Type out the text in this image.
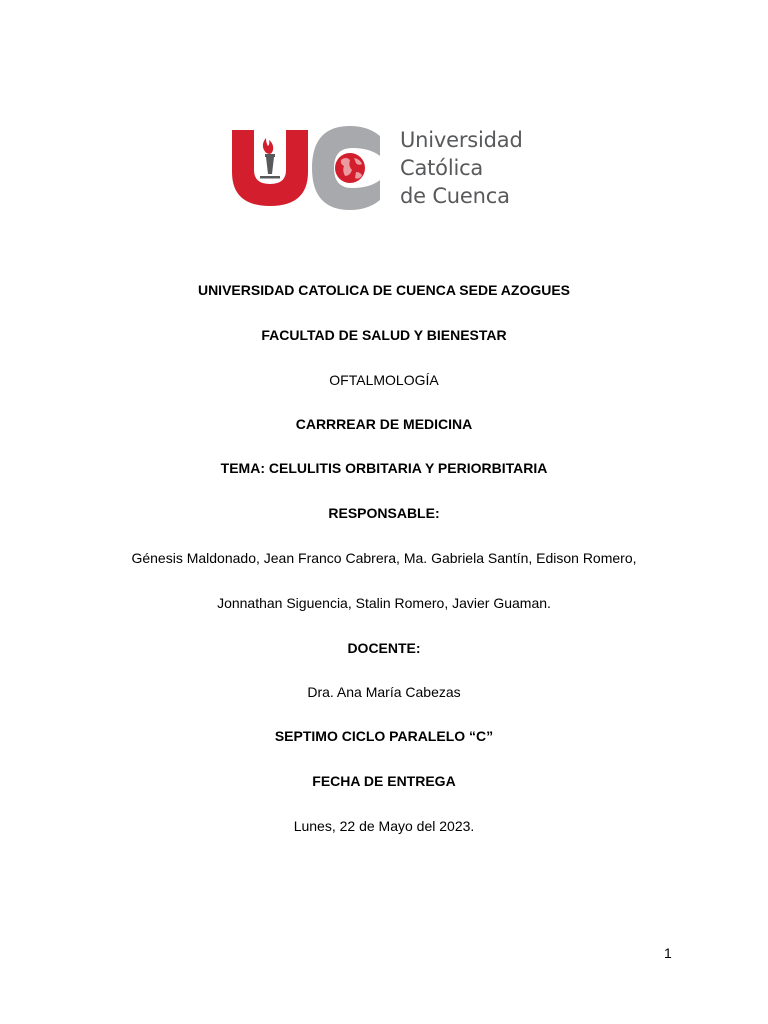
Universidad
Católica
de Cuenca
UNIVERSIDAD CATOLICA DE CUENCA SEDE AZOGUES
FACULTAD DE SALUD Y BIENESTAR
OFTALMOLOGÍA
CARRREAR DE MEDICINA
TEMA: CELULITIS ORBITARIA Y PERIORBITARIA
RESPONSABLE:
Génesis Maldonado, Jean Franco Cabrera, Ma. Gabriela Santín, Edison Romero,
Jonnathan Siguencia, Stalin Romero, Javier Guaman.
DOCENTE:
Dra. Ana María Cabezas
SEPTIMO CICLO PARALELO “C”
FECHA DE ENTREGA
Lunes, 22 de Mayo del 2023.
1
